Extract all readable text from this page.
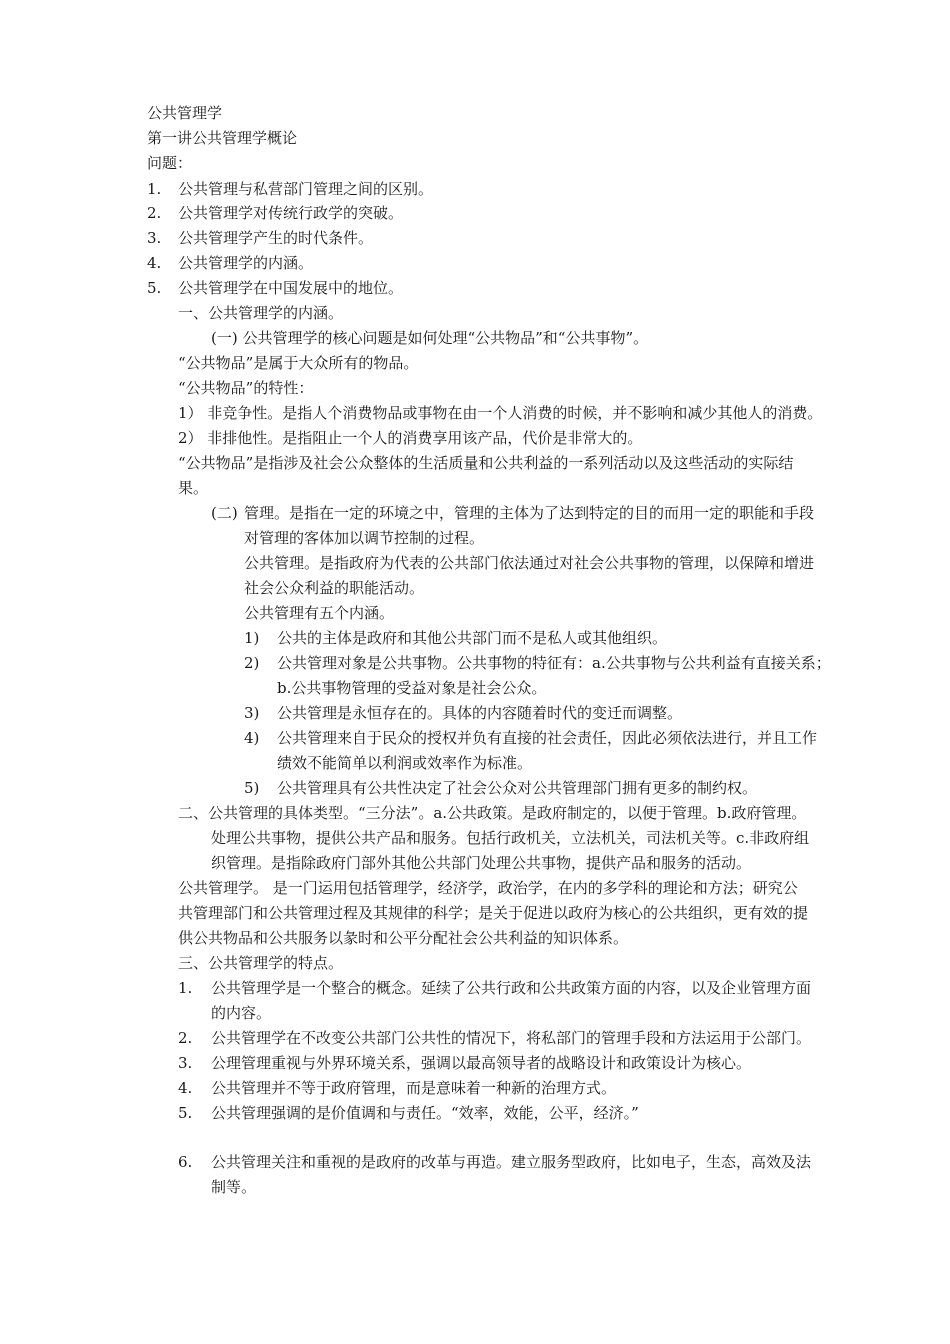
公共管理学
第一讲公共管理学概论
问题：
1. 公共管理与私营部门管理之间的区别。
2. 公共管理学对传统行政学的突破。
3. 公共管理学产生的时代条件。
4. 公共管理学的内涵。
5. 公共管理学在中国发展中的地位。
一、公共管理学的内涵。
(一) 公共管理学的核心问题是如何处理“公共物品”和“公共事物”。
“公共物品”是属于大众所有的物品。
“公共物品”的特性：
1） 非竞争性。是指人个消费物品或事物在由一个人消费的时候，并不影响和减少其他人的消费。
2） 非排他性。是指阻止一个人的消费享用该产品，代价是非常大的。
“公共物品”是指涉及社会公众整体的生活质量和公共利益的一系列活动以及这些活动的实际结
果。
(二) 管理。是指在一定的环境之中，管理的主体为了达到特定的目的而用一定的职能和手段
对管理的客体加以调节控制的过程。
公共管理。是指政府为代表的公共部门依法通过对社会公共事物的管理，以保障和增进
社会公众利益的职能活动。
公共管理有五个内涵。
1) 公共的主体是政府和其他公共部门而不是私人或其他组织。
2) 公共管理对象是公共事物。公共事物的特征有：a.公共事物与公共利益有直接关系；
b.公共事物管理的受益对象是社会公众。
3) 公共管理是永恒存在的。具体的内容随着时代的变迁而调整。
4) 公共管理来自于民众的授权并负有直接的社会责任，因此必须依法进行，并且工作
绩效不能简单以利润或效率作为标准。
5) 公共管理具有公共性决定了社会公众对公共管理部门拥有更多的制约权。
二、公共管理的具体类型。“三分法”。a.公共政策。是政府制定的，以便于管理。b.政府管理。
处理公共事物，提供公共产品和服务。包括行政机关，立法机关，司法机关等。c.非政府组
织管理。是指除政府门部外其他公共部门处理公共事物，提供产品和服务的活动。
公共管理学。 是一门运用包括管理学，经济学，政治学，在内的多学科的理论和方法；研究公
共管理部门和公共管理过程及其规律的科学；是关于促进以政府为核心的公共组织，更有效的提
供公共物品和公共服务以彖时和公平分配社会公共利益的知识体系。
三、公共管理学的特点。
1. 公共管理学是一个整合的概念。延续了公共行政和公共政策方面的内容，以及企业管理方面
的内容。
2. 公共管理学在不改变公共部门公共性的情况下，将私部门的管理手段和方法运用于公部门。
3. 公理管理重视与外界环境关系，强调以最高领导者的战略设计和政策设计为核心。
4. 公共管理并不等于政府管理，而是意味着一种新的治理方式。
5. 公共管理强调的是价值调和与责任。“效率，效能，公平，经济。”
6. 公共管理关注和重视的是政府的改革与再造。建立服务型政府，比如电子，生态，高效及法
制等。
